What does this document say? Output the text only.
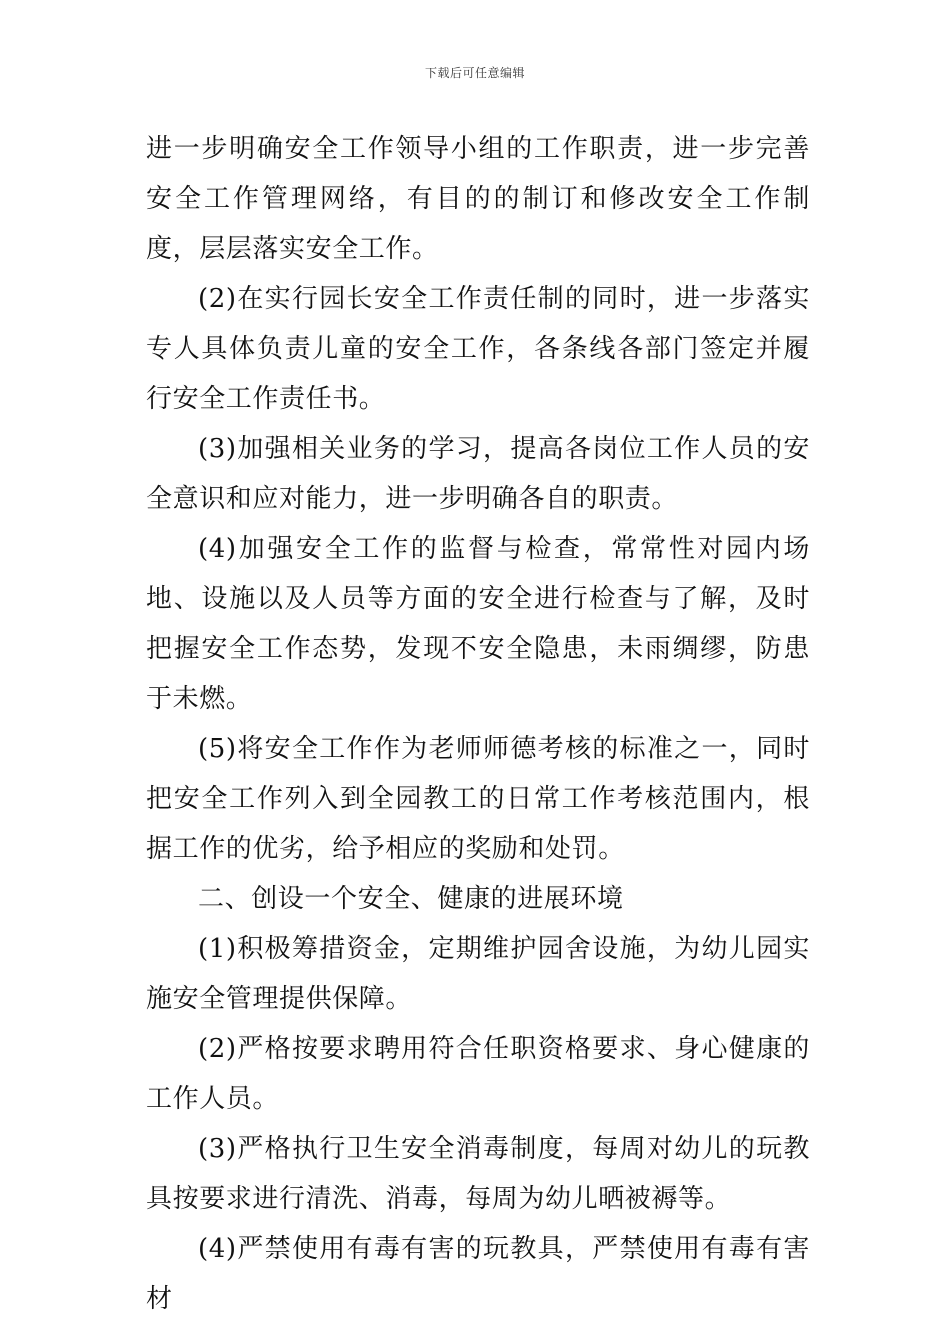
下载后可任意编辑

进一步明确安全工作领导小组的工作职责，进一步完善安全工作管理网络，有目的的制订和修改安全工作制度，层层落实安全工作。

(2)在实行园长安全工作责任制的同时，进一步落实专人具体负责儿童的安全工作，各条线各部门签定并履行安全工作责任书。

(3)加强相关业务的学习，提高各岗位工作人员的安全意识和应对能力，进一步明确各自的职责。

(4)加强安全工作的监督与检查，常常性对园内场地、设施以及人员等方面的安全进行检查与了解，及时把握安全工作态势，发现不安全隐患，未雨绸缪，防患于未燃。

(5)将安全工作作为老师师德考核的标准之一，同时把安全工作列入到全园教工的日常工作考核范围内，根据工作的优劣，给予相应的奖励和处罚。

二、创设一个安全、健康的进展环境

(1)积极筹措资金，定期维护园舍设施，为幼儿园实施安全管理提供保障。

(2)严格按要求聘用符合任职资格要求、身心健康的工作人员。

(3)严格执行卫生安全消毒制度，每周对幼儿的玩教具按要求进行清洗、消毒，每周为幼儿晒被褥等。

(4)严禁使用有毒有害的玩教具，严禁使用有毒有害材
